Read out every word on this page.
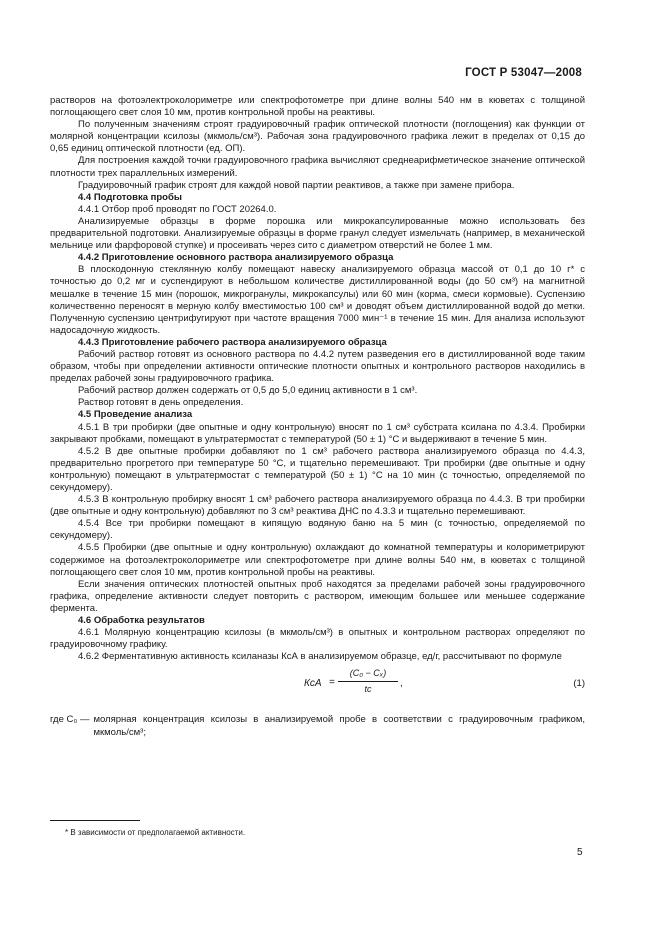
ГОСТ Р 53047—2008

растворов на фотоэлектроколориметре или спектрофотометре при длине волны 540 нм в кюветах с толщиной поглощающего свет слоя 10 мм, против контрольной пробы на реактивы.

По полученным значениям строят градуировочный график оптической плотности (поглощения) как функции от молярной концентрации ксилозы (мкмоль/см³). Рабочая зона градуировочного графика лежит в пределах от 0,15 до 0,65 единиц оптической плотности (ед. ОП).

Для построения каждой точки градуировочного графика вычисляют среднеарифметическое значение оптической плотности трех параллельных измерений.

Градуировочный график строят для каждой новой партии реактивов, а также при замене прибора.

4.4 Подготовка пробы

4.4.1 Отбор проб проводят по ГОСТ 20264.0.

Анализируемые образцы в форме порошка или микрокапсулированные можно использовать без предварительной подготовки. Анализируемые образцы в форме гранул следует измельчать (например, в механической мельнице или фарфоровой ступке) и просеивать через сито с диаметром отверстий не более 1 мм.

4.4.2 Приготовление основного раствора анализируемого образца

В плоскодонную стеклянную колбу помещают навеску анализируемого образца массой от 0,1 до 10 г* с точностью до 0,2 мг и суспендируют в небольшом количестве дистиллированной воды (до 50 см³) на магнитной мешалке в течение 15 мин (порошок, микрогранулы, микрокапсулы) или 60 мин (корма, смеси кормовые). Суспензию количественно переносят в мерную колбу вместимостью 100 см³ и доводят объем дистиллированной водой до метки. Полученную суспензию центрифугируют при частоте вращения 7000 мин⁻¹ в течение 15 мин. Для анализа используют надосадочную жидкость.

4.4.3 Приготовление рабочего раствора анализируемого образца

Рабочий раствор готовят из основного раствора по 4.4.2 путем разведения его в дистиллированной воде таким образом, чтобы при определении активности оптические плотности опытных и контрольного растворов находились в пределах рабочей зоны градуировочного графика.

Рабочий раствор должен содержать от 0,5 до 5,0 единиц активности в 1 см³.

Раствор готовят в день определения.

4.5 Проведение анализа

4.5.1 В три пробирки (две опытные и одну контрольную) вносят по 1 см³ субстрата ксилана по 4.3.4. Пробирки закрывают пробками, помещают в ультратермостат с температурой (50 ± 1) °С и выдерживают в течение 5 мин.

4.5.2 В две опытные пробирки добавляют по 1 см³ рабочего раствора анализируемого образца по 4.4.3, предварительно прогретого при температуре 50 °С, и тщательно перемешивают. Три пробирки (две опытные и одну контрольную) помещают в ультратермостат с температурой (50 ± 1) °С на 10 мин (с точностью, определяемой по секундомеру).

4.5.3 В контрольную пробирку вносят 1 см³ рабочего раствора анализируемого образца по 4.4.3. В три пробирки (две опытные и одну контрольную) добавляют по 3 см³ реактива ДНС по 4.3.3 и тщательно перемешивают.

4.5.4 Все три пробирки помещают в кипящую водяную баню на 5 мин (с точностью, определяемой по секундомеру).

4.5.5 Пробирки (две опытные и одну контрольную) охлаждают до комнатной температуры и колориметрируют содержимое на фотоэлектроколориметре или спектрофотометре при длине волны 540 нм, в кюветах с толщиной поглощающего свет слоя 10 мм, против контрольной пробы на реактивы.

Если значения оптических плотностей опытных проб находятся за пределами рабочей зоны градуировочного графика, определение активности следует повторить с раствором, имеющим большее или меньшее содержание фермента.

4.6 Обработка результатов

4.6.1 Молярную концентрацию ксилозы (в мкмоль/см³) в опытных и контрольном растворах определяют по градуировочному графику.

4.6.2 Ферментативную активность ксиланазы КсА в анализируемом образце, ед/г, рассчитывают по формуле

КсА = $\frac{\text{(C₀ − Cₓ)}}{tc}$ ,	(1)
где C₀ — молярная концентрация ксилозы в анализируемой пробе в соответствии с градуировочным графиком, мкмоль/см³;
* В зависимости от предполагаемой активности.
5
